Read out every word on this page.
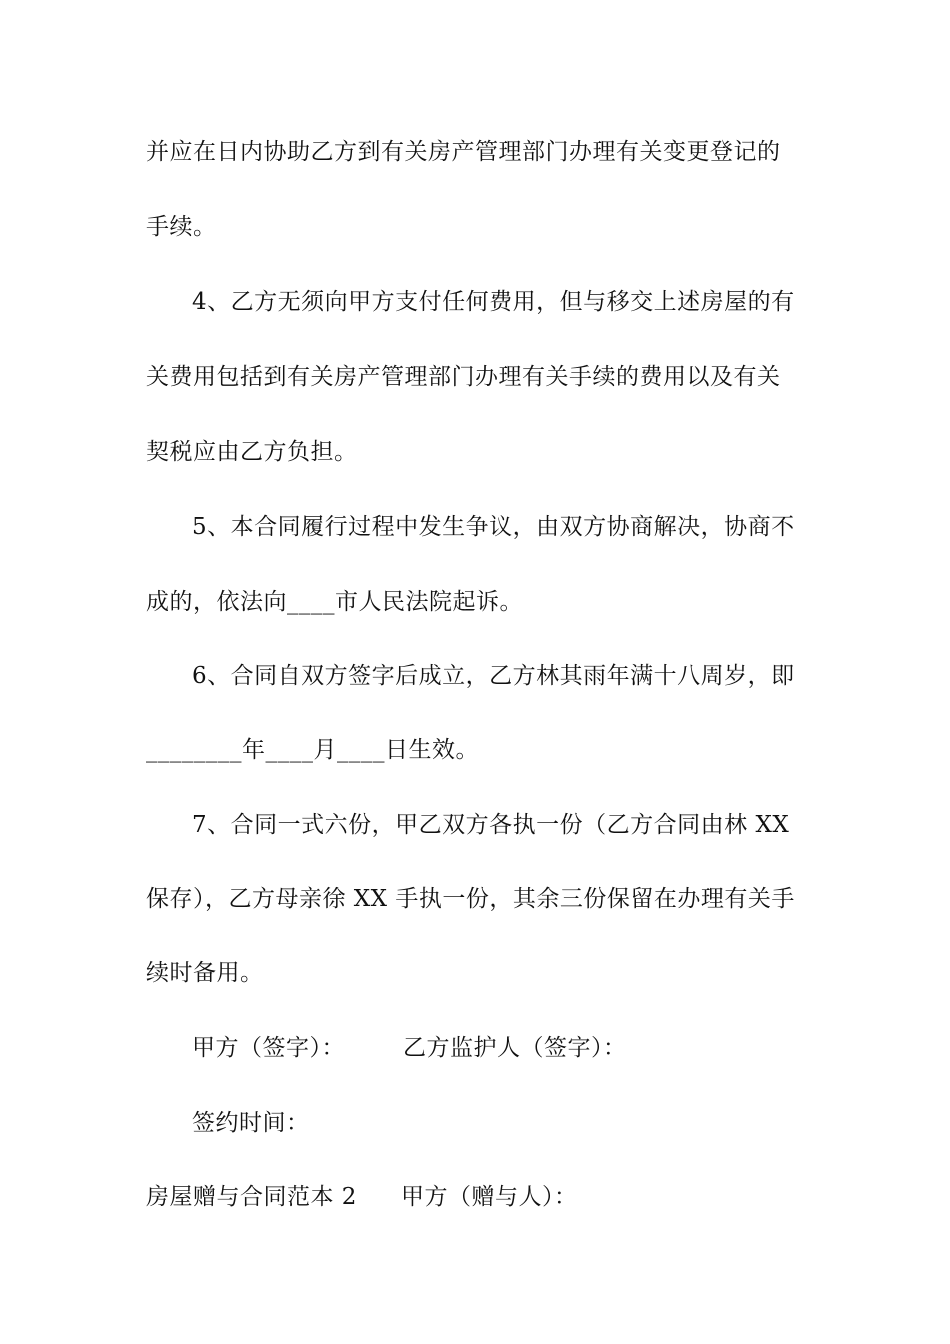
并应在日内协助乙方到有关房产管理部门办理有关变更登记的
手续。
4、乙方无须向甲方支付任何费用，但与移交上述房屋的有
关费用包括到有关房产管理部门办理有关手续的费用以及有关
契税应由乙方负担。
5、本合同履行过程中发生争议，由双方协商解决，协商不
成的，依法向____市人民法院起诉。
6、合同自双方签字后成立，乙方林其雨年满十八周岁，即
________年____月____日生效。
7、合同一式六份，甲乙双方各执一份（乙方合同由林 XX
保存），乙方母亲徐 XX 手执一份，其余三份保留在办理有关手
续时备用。
甲方（签字）：	乙方监护人（签字）：
签约时间：
房屋赠与合同范本 2 甲方（赠与人）：
